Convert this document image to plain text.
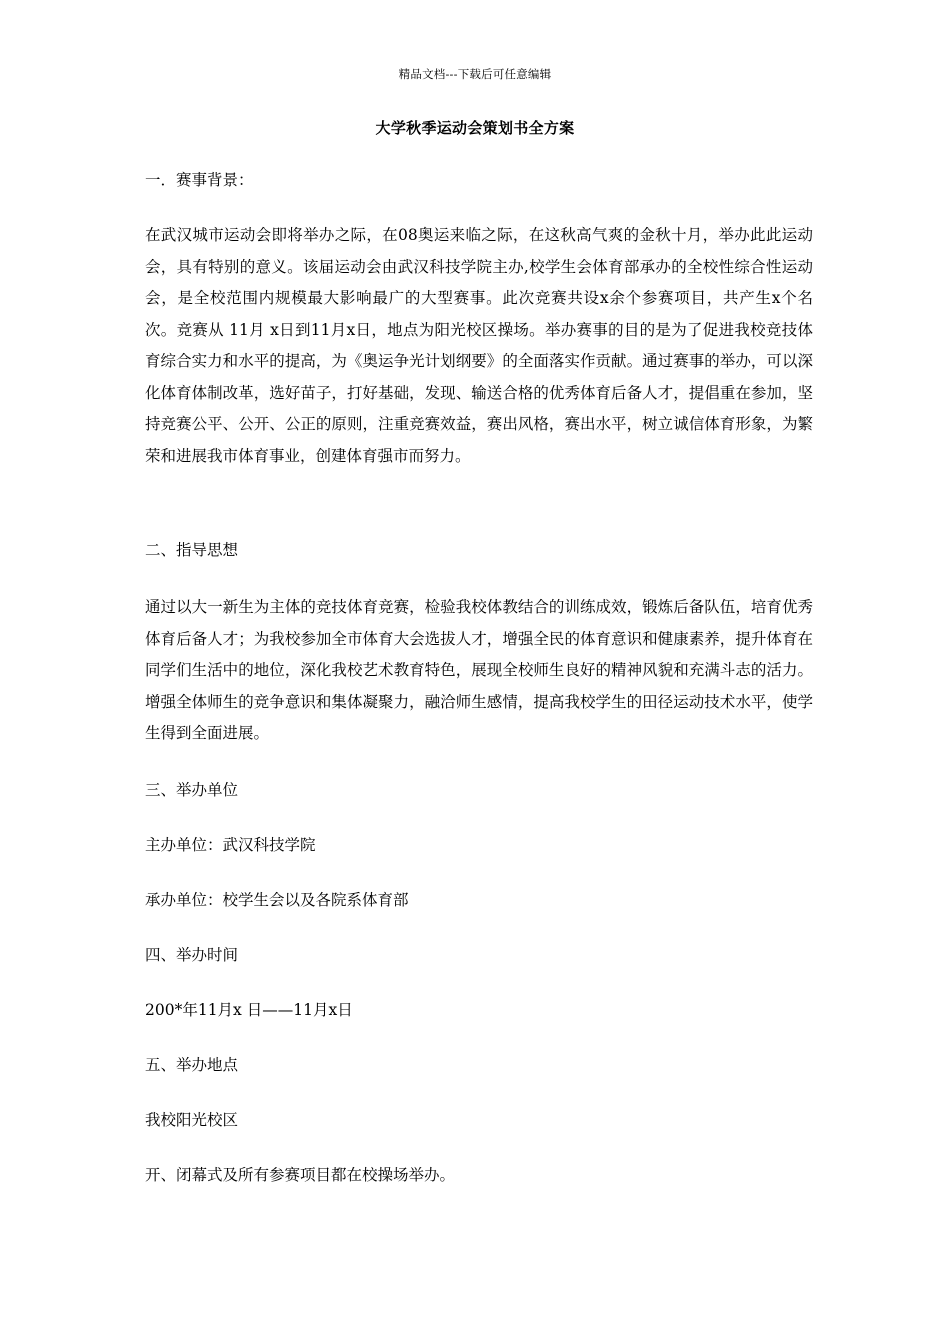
精品文档---下载后可任意编辑
大学秋季运动会策划书全方案
一．赛事背景：

在武汉城市运动会即将举办之际，在08奥运来临之际，在这秋高气爽的金秋十月，举办此此运动会，具有特别的意义。该届运动会由武汉科技学院主办,校学生会体育部承办的全校性综合性运动会，是全校范围内规模最大影响最广的大型赛事。此次竞赛共设x余个参赛项目，共产生x个名次。竞赛从 11月 x日到11月x日，地点为阳光校区操场。举办赛事的目的是为了促进我校竞技体育综合实力和水平的提高，为《奥运争光计划纲要》的全面落实作贡献。通过赛事的举办，可以深化体育体制改革，选好苗子，打好基础，发现、输送合格的优秀体育后备人才，提倡重在参加，坚持竞赛公平、公开、公正的原则，注重竞赛效益，赛出风格，赛出水平，树立诚信体育形象，为繁荣和进展我市体育事业，创建体育强市而努力。

二、指导思想

通过以大一新生为主体的竞技体育竞赛，检验我校体教结合的训练成效，锻炼后备队伍，培育优秀体育后备人才；为我校参加全市体育大会选拔人才，增强全民的体育意识和健康素养，提升体育在同学们生活中的地位，深化我校艺术教育特色，展现全校师生良好的精神风貌和充满斗志的活力。增强全体师生的竞争意识和集体凝聚力，融洽师生感情，提高我校学生的田径运动技术水平，使学生得到全面进展。

三、举办单位
主办单位：武汉科技学院
承办单位：校学生会以及各院系体育部
四、举办时间
200*年11月x 日——11月x日
五、举办地点
我校阳光校区
开、闭幕式及所有参赛项目都在校操场举办。
